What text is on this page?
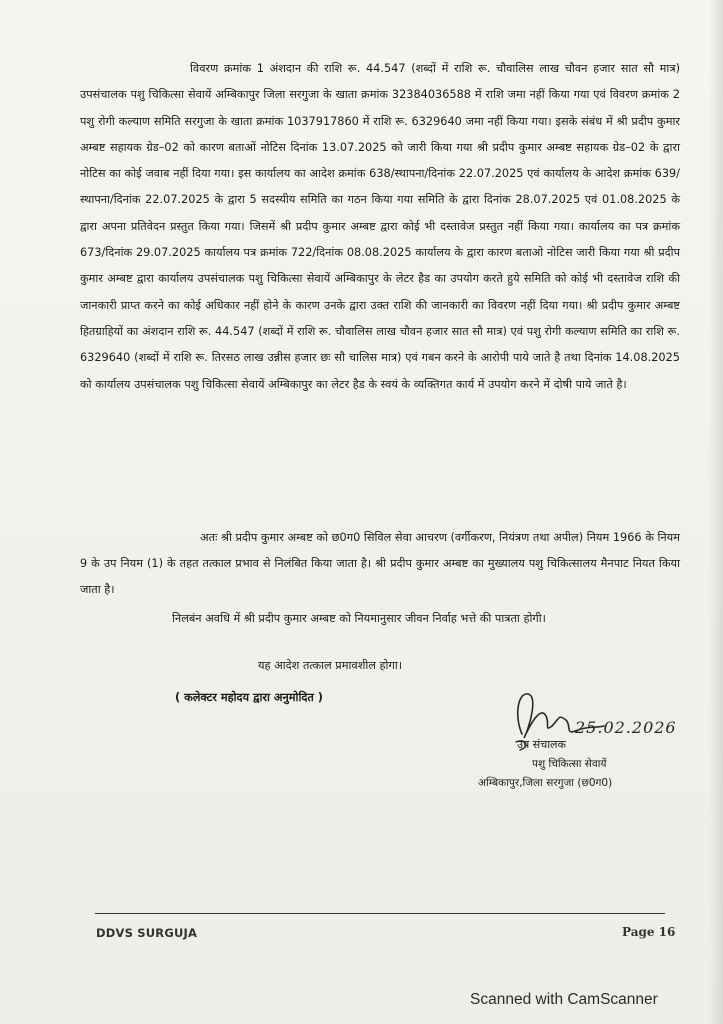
विवरण क्रमांक 1 अंशदान की राशि रू. 44.547 (शब्दों में राशि रू. चौवालिस लाख चौवन हजार सात सौ मात्र) उपसंचालक पशु चिकित्सा सेवायें अम्बिकापुर जिला सरगुजा के खाता क्रमांक 32384036588 में राशि जमा नहीं किया गया एवं विवरण क्रमांक 2 पशु रोगी कल्याण समिति सरगुजा के खाता क्रमांक 1037917860 में राशि रू. 6329640 जमा नहीं किया गया। इसके संबंध में श्री प्रदीप कुमार अम्बष्ट सहायक ग्रेड–02 को कारण बताओं नोटिस दिनांक 13.07.2025 को जारी किया गया श्री प्रदीप कुमार अम्बष्ट सहायक ग्रेड–02 के द्वारा नोटिस का कोई जवाब नहीं दिया गया। इस कार्यालय का आदेश क्रमांक 638/स्थापना/दिनांक 22.07.2025 एवं कार्यालय के आदेश क्रमांक 639/स्थापना/दिनांक 22.07.2025 के द्वारा 5 सदस्यीय समिति का गठन किया गया समिति के द्वारा दिनांक 28.07.2025 एवं 01.08.2025 के द्वारा अपना प्रतिवेदन प्रस्तुत किया गया। जिसमें श्री प्रदीप कुमार अम्बष्ट द्वारा कोई भी दस्तावेज प्रस्तुत नहीं किया गया। कार्यालय का पत्र क्रमांक 673/दिनांक 29.07.2025 कार्यालय पत्र क्रमांक 722/दिनांक 08.08.2025 कार्यालय के द्वारा कारण बताओ नोटिस जारी किया गया श्री प्रदीप कुमार अम्बष्ट द्वारा कार्यालय उपसंचालक पशु चिकित्सा सेवायें अम्बिकापुर के लेटर हैड का उपयोग करते हुये समिति को कोई भी दस्तावेज राशि की जानकारी प्राप्त करने का कोई अधिकार नहीं होने के कारण उनके द्वारा उक्त राशि की जानकारी का विवरण नहीं दिया गया। श्री प्रदीप कुमार अम्बष्ट हितग्राहियों का अंशदान राशि रू. 44.547 (शब्दों में राशि रू. चौवालिस लाख चौवन हजार सात सौ मात्र) एवं पशु रोगी कल्याण समिति का राशि रू. 6329640 (शब्दों में राशि रू. तिरसठ लाख उन्नीस हजार छः सौ चालिस मात्र) एवं गबन करने के आरोपी पाये जाते है तथा दिनांक 14.08.2025 को कार्यालय उपसंचालक पशु चिकित्सा सेवायें अम्बिकापुर का लेटर हैड के स्वयं के व्यक्तिगत कार्य में उपयोग करने में दोषी पाये जाते है।

अतः श्री प्रदीप कुमार अम्बष्ट को छ0ग0 सिविल सेवा आचरण (वर्गीकरण, नियंत्रण तथा अपील) नियम 1966 के नियम 9 के उप नियम (1) के तहत तत्काल प्रभाव से निलंबित किया जाता है। श्री प्रदीप कुमार अम्बष्ट का मुख्यालय पशु चिकित्सालय मैनपाट नियत किया जाता है।

निलबंन अवधि में श्री प्रदीप कुमार अम्बष्ट को नियमानुसार जीवन निर्वाह भत्ते की पात्रता होगी।

यह आदेश तत्काल प्रमावशील होगा।

( कलेक्टर महोदय द्वारा अनुमोदित )

25.02.2026

उप संचालक

पशु चिकित्सा सेवायें

अम्बिकापुर,जिला सरगुजा (छ0ग0)

DDVS SURGUJA	Page 16
Scanned with CamScanner
